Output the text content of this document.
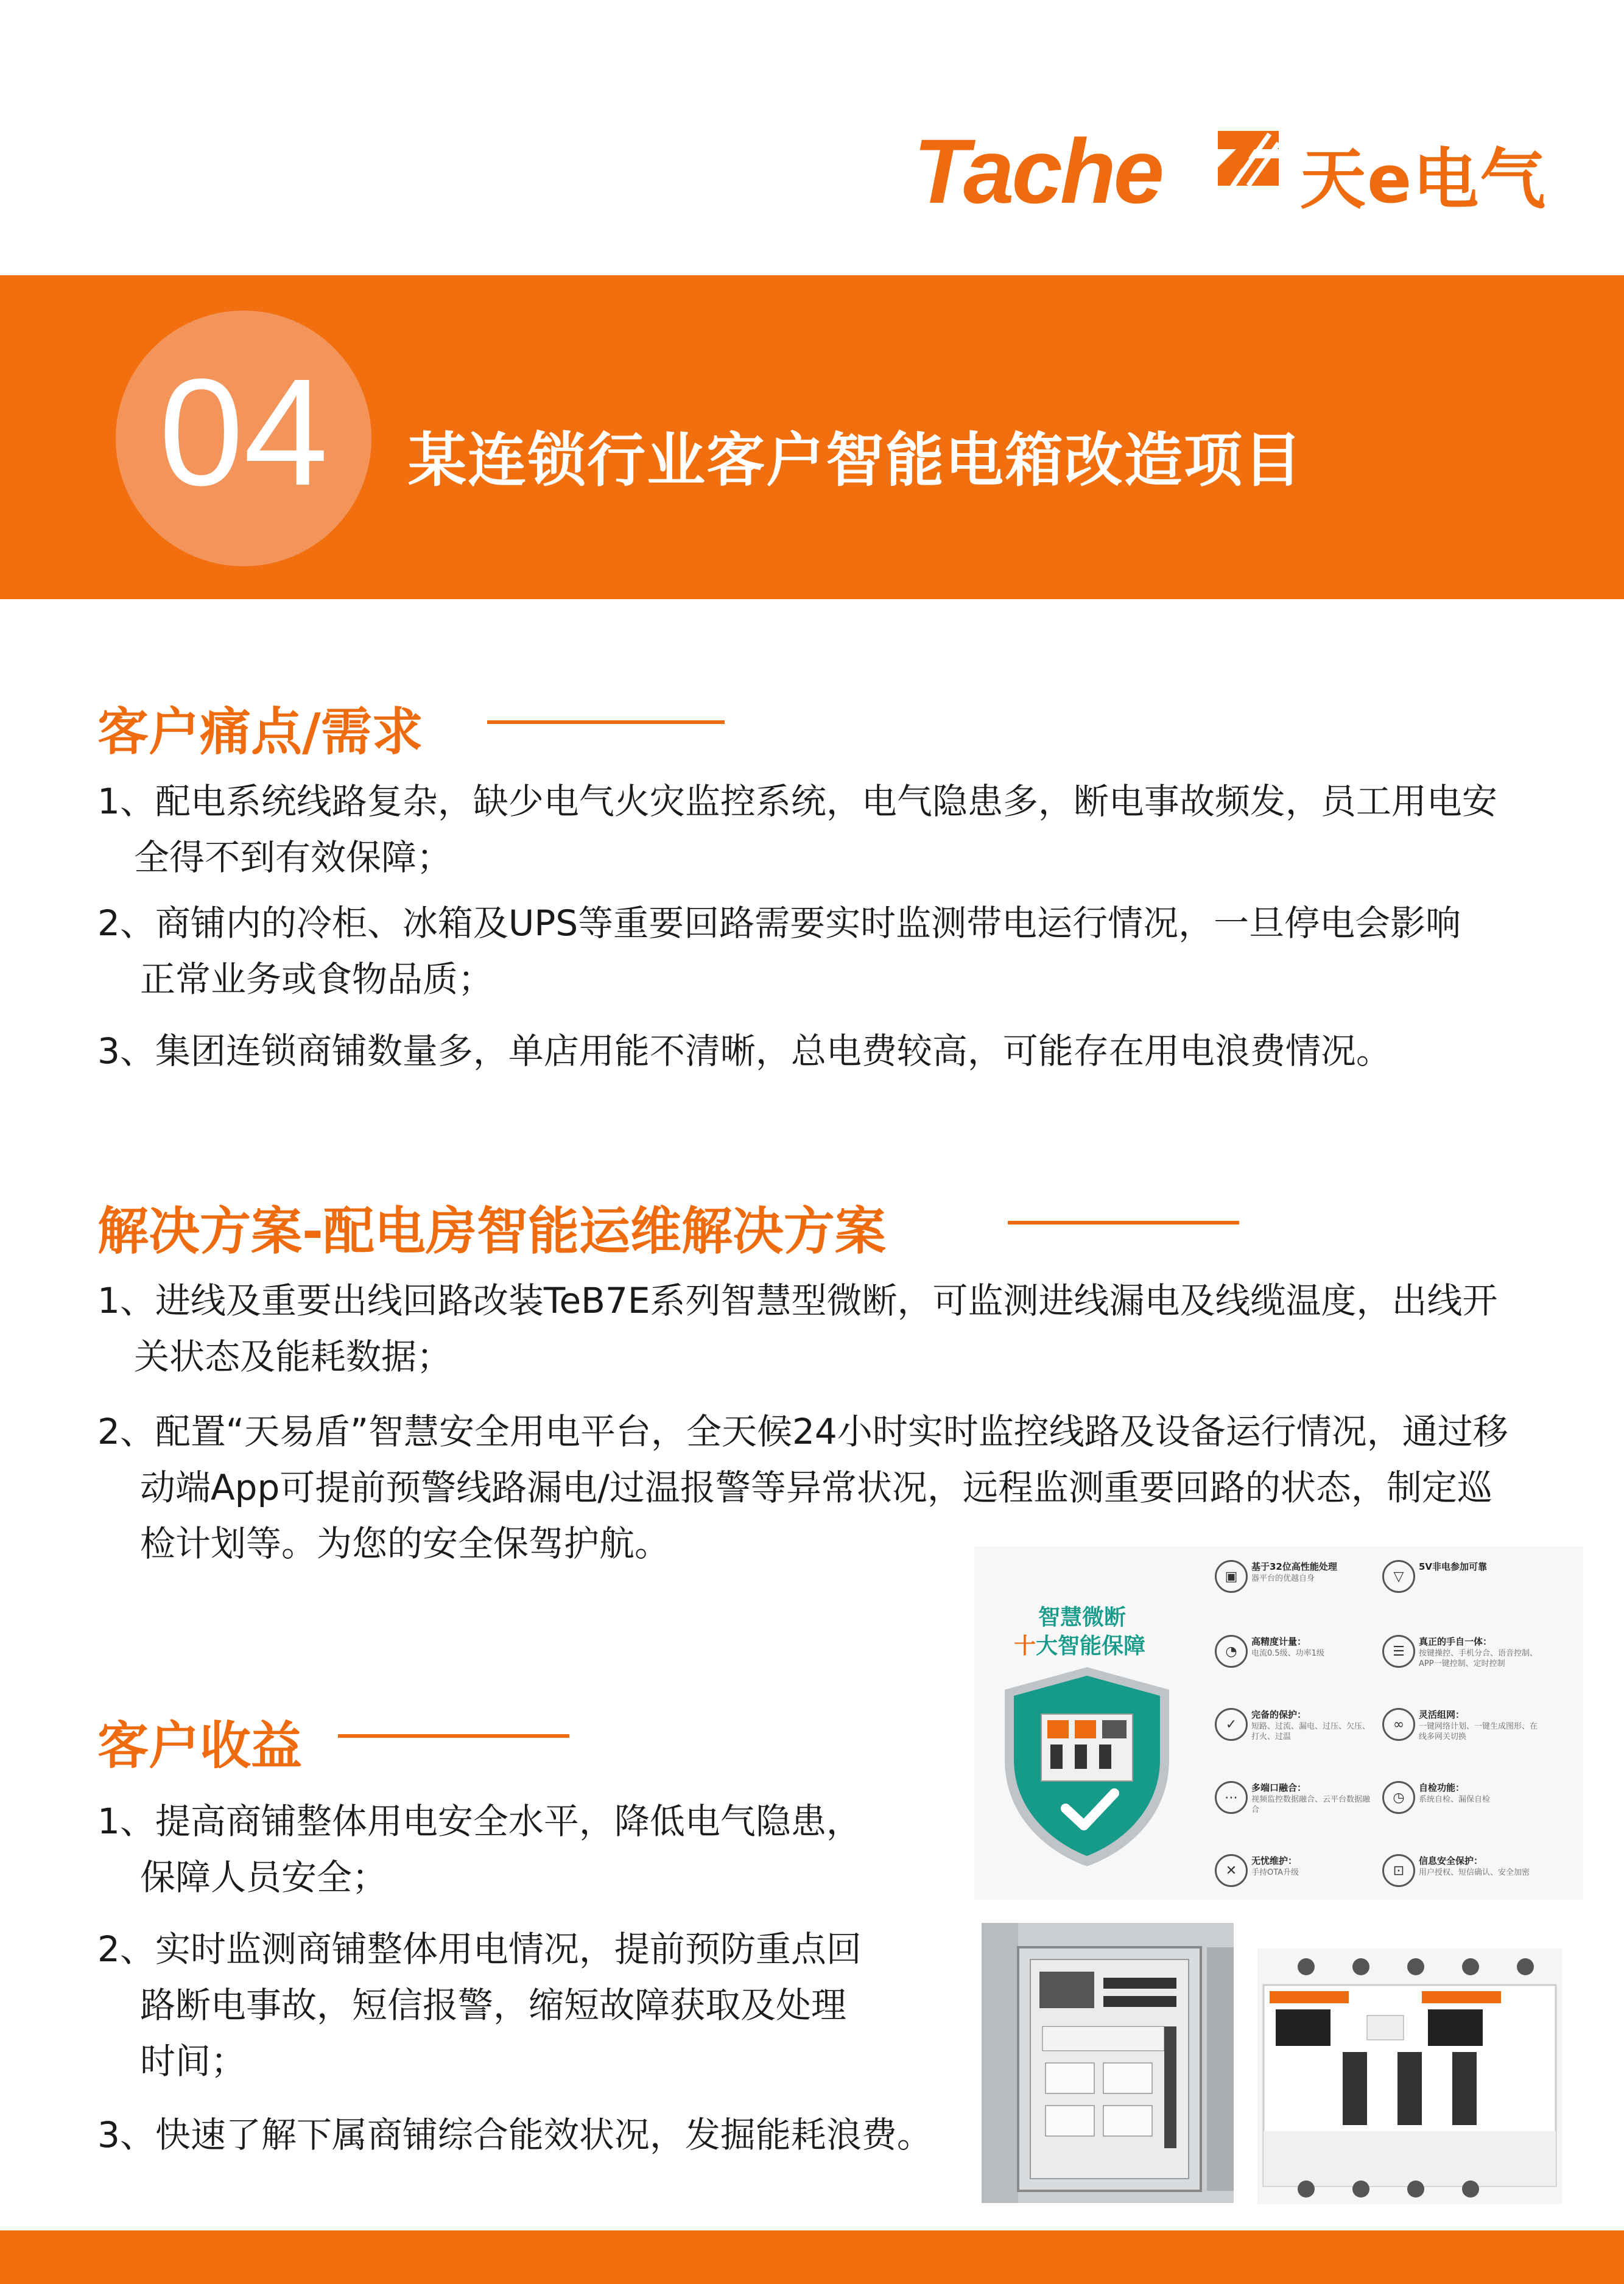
Tache 天e电气
04	某连锁行业客户智能电箱改造项目
客户痛点/需求
1、配电系统线路复杂，缺少电气火灾监控系统，电气隐患多，断电事故频发，员工用电安
全得不到有效保障；
2、商铺内的冷柜、冰箱及UPS等重要回路需要实时监测带电运行情况，一旦停电会影响
正常业务或食物品质；
3、集团连锁商铺数量多，单店用能不清晰，总电费较高，可能存在用电浪费情况。
解决方案-配电房智能运维解决方案
1、进线及重要出线回路改装TeB7E系列智慧型微断，可监测进线漏电及线缆温度，出线开
关状态及能耗数据；
2、配置“天易盾”智慧安全用电平台，全天候24小时实时监控线路及设备运行情况，通过移
动端App可提前预警线路漏电/过温报警等异常状况，远程监测重要回路的状态，制定巡
检计划等。为您的安全保驾护航。
客户收益
1、提高商铺整体用电安全水平，降低电气隐患，
保障人员安全；
2、实时监测商铺整体用电情况，提前预防重点回
路断电事故，短信报警，缩短故障获取及处理
时间；
3、快速了解下属商铺综合能效状况，发掘能耗浪费。
智慧微断
十大智能保障
▣
基于32位高性能处理
器平台的优越自身
◔
高精度计量：
电流0.5级、功率1级
✓
完备的保护：
短路、过流、漏电、过压、欠压、打火、过温
⋯
多端口融合：
视频监控数据融合、云平台数据融合
✕
无忧维护：
手持OTA升级
▽
5V非电参加可靠
☰
真正的手自一体：
按键操控、手机分合、语音控制、APP一键控制、定时控制
∞
灵活组网：
一键网络计划、一键生成图形、在线多网关切换
◷
自检功能：
系统自检、漏保自检
⊡
信息安全保护：
用户授权、短信确认、安全加密
